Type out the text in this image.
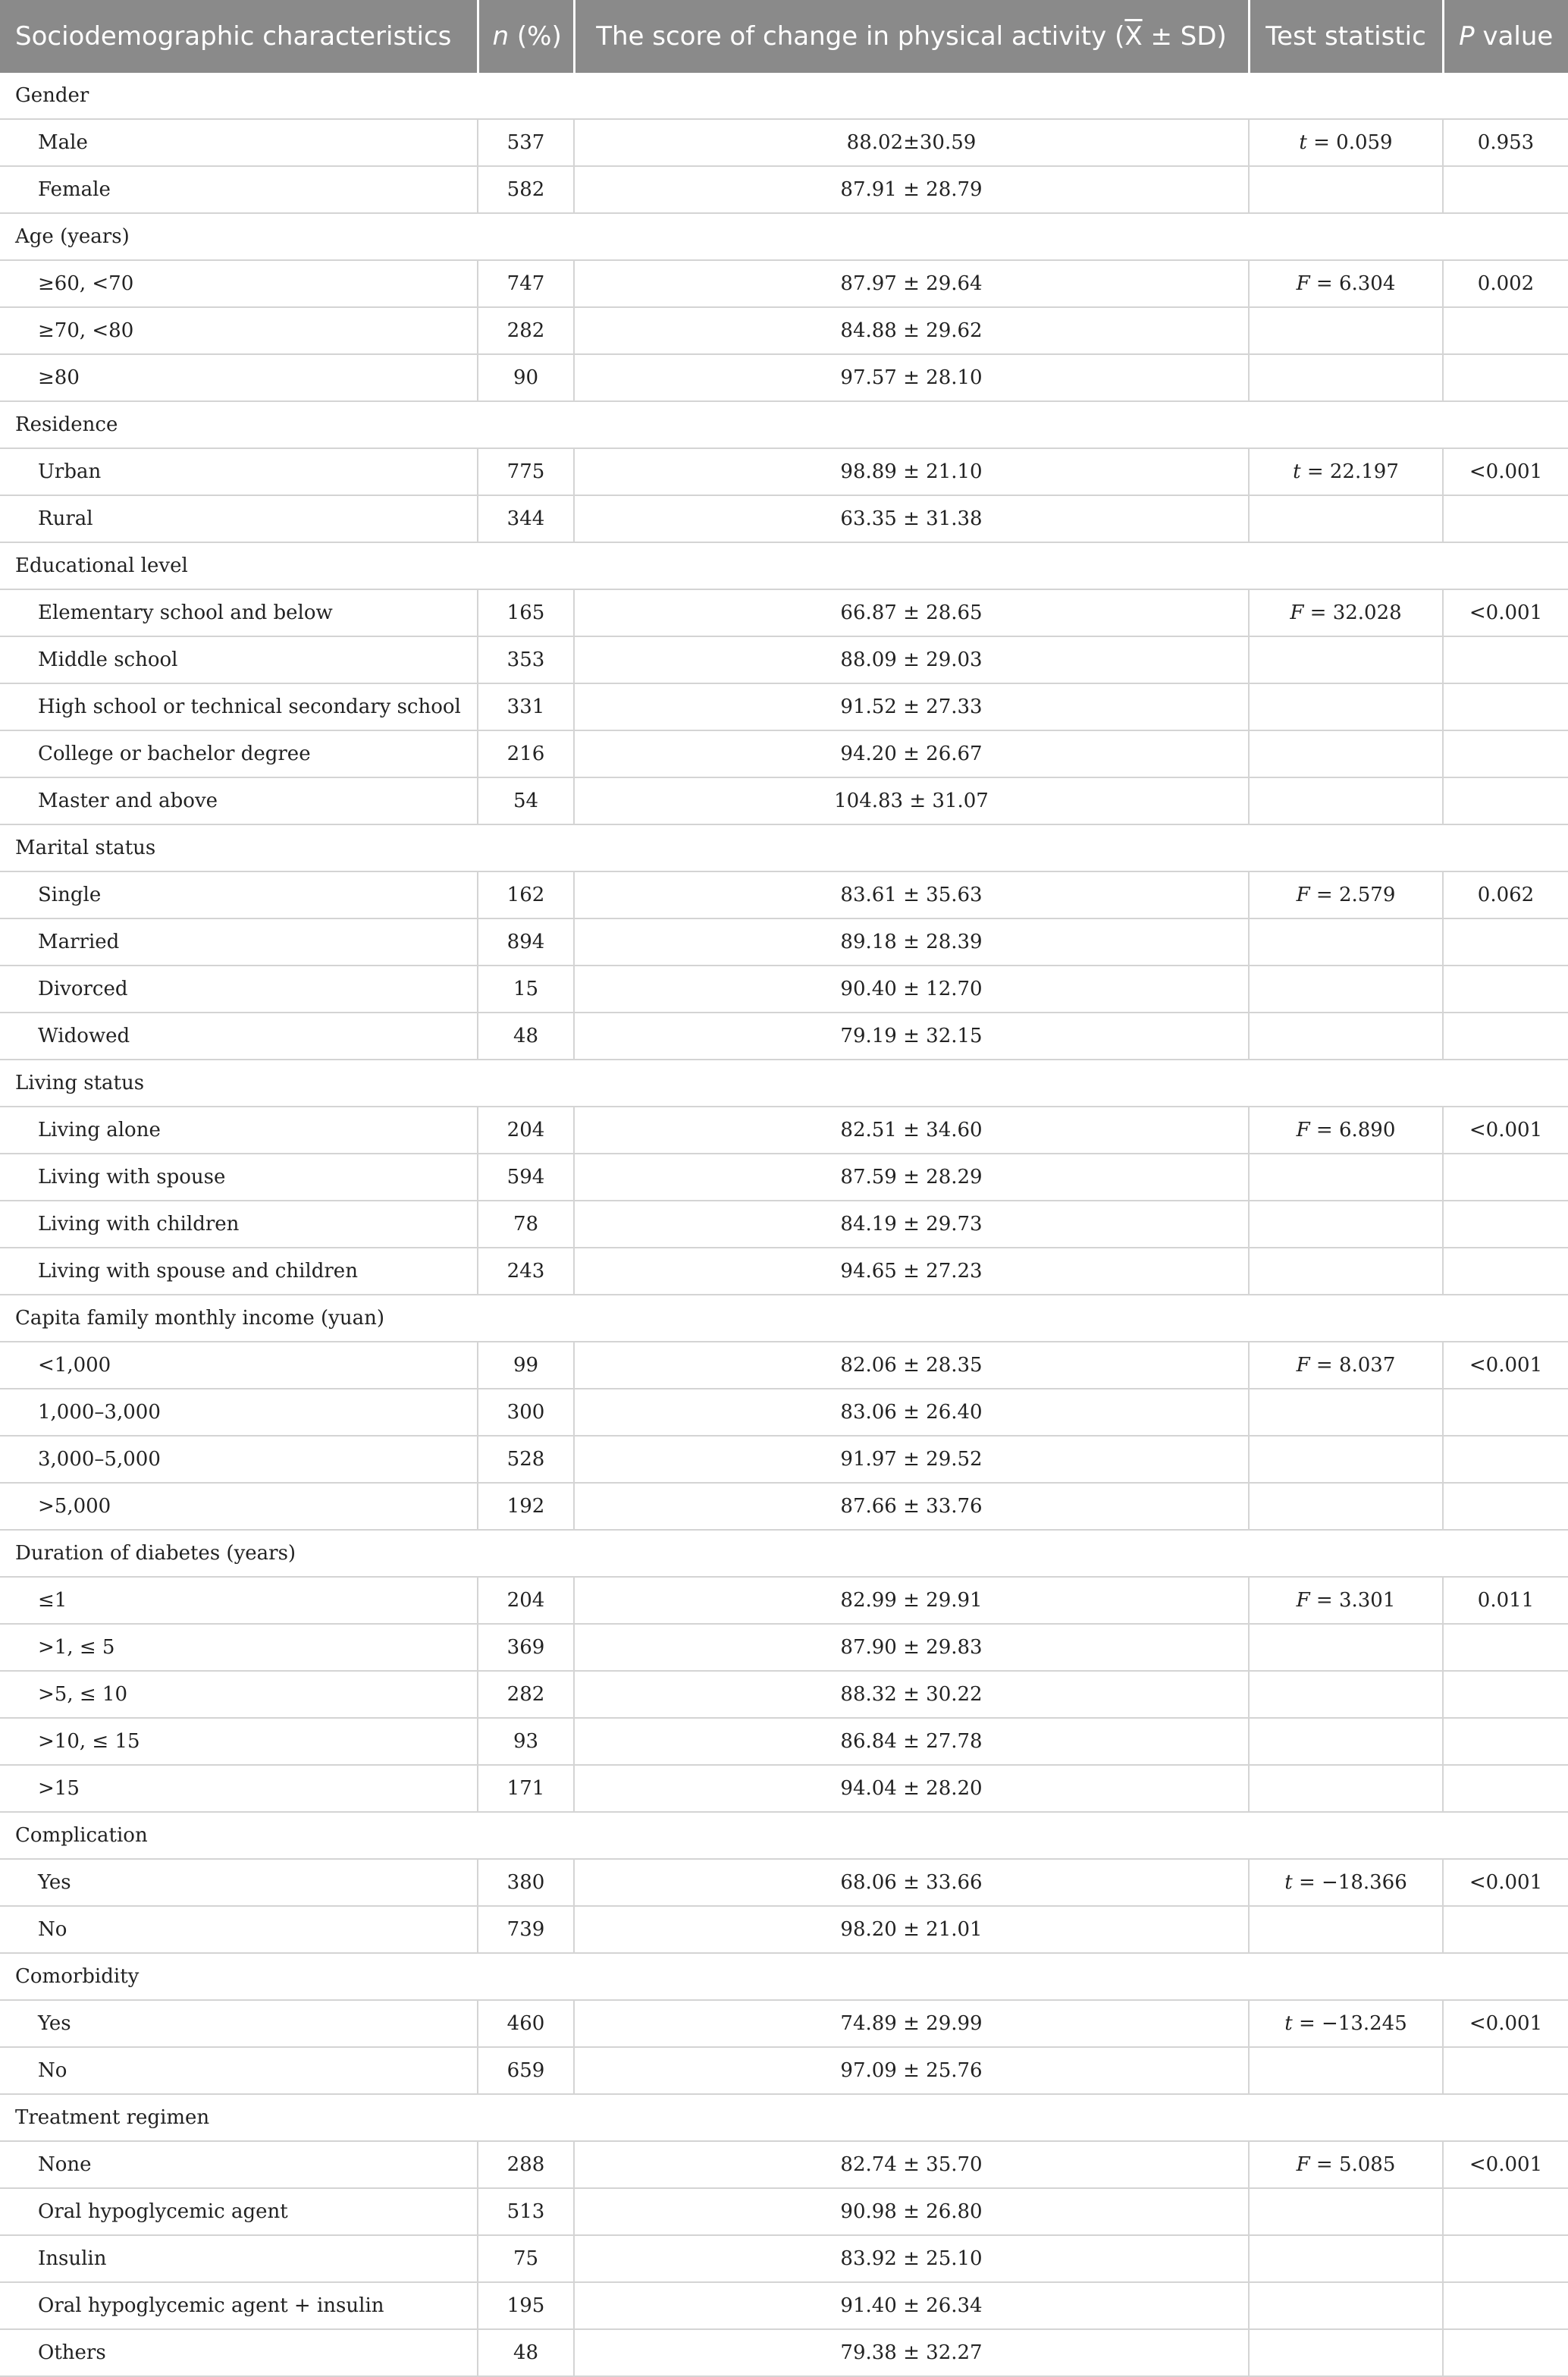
Sociodemographic characteristics	n (%)	The score of change in physical activity $(\overline{X} \pm SD)$	Test statistic	P value
Gender				
Male	537	88.02±30.59	t = 0.059	0.953
Female	582	87.91 ± 28.79		
Age (years)				
≥60, <70	747	87.97 ± 29.64	F = 6.304	0.002
≥70, <80	282	84.88 ± 29.62		
≥80	90	97.57 ± 28.10		
Residence				
Urban	775	98.89 ± 21.10	t = 22.197	<0.001
Rural	344	63.35 ± 31.38		
Educational level				
Elementary school and below	165	66.87 ± 28.65	F = 32.028	<0.001
Middle school	353	88.09 ± 29.03		
High school or technical secondary school	331	91.52 ± 27.33		
College or bachelor degree	216	94.20 ± 26.67		
Master and above	54	104.83 ± 31.07		
Marital status				
Single	162	83.61 ± 35.63	F = 2.579	0.062
Married	894	89.18 ± 28.39		
Divorced	15	90.40 ± 12.70		
Widowed	48	79.19 ± 32.15		
Living status				
Living alone	204	82.51 ± 34.60	F = 6.890	<0.001
Living with spouse	594	87.59 ± 28.29		
Living with children	78	84.19 ± 29.73		
Living with spouse and children	243	94.65 ± 27.23		
Capita family monthly income (yuan)				
<1,000	99	82.06 ± 28.35	F = 8.037	<0.001
1,000–3,000	300	83.06 ± 26.40		
3,000–5,000	528	91.97 ± 29.52		
>5,000	192	87.66 ± 33.76		
Duration of diabetes (years)				
≤1	204	82.99 ± 29.91	F = 3.301	0.011
>1, ≤ 5	369	87.90 ± 29.83		
>5, ≤ 10	282	88.32 ± 30.22		
>10, ≤ 15	93	86.84 ± 27.78		
>15	171	94.04 ± 28.20		
Complication				
Yes	380	68.06 ± 33.66	t = −18.366	<0.001
No	739	98.20 ± 21.01		
Comorbidity				
Yes	460	74.89 ± 29.99	t = −13.245	<0.001
No	659	97.09 ± 25.76		
Treatment regimen				
None	288	82.74 ± 35.70	F = 5.085	<0.001
Oral hypoglycemic agent	513	90.98 ± 26.80		
Insulin	75	83.92 ± 25.10		
Oral hypoglycemic agent + insulin	195	91.40 ± 26.34		
Others	48	79.38 ± 32.27		
